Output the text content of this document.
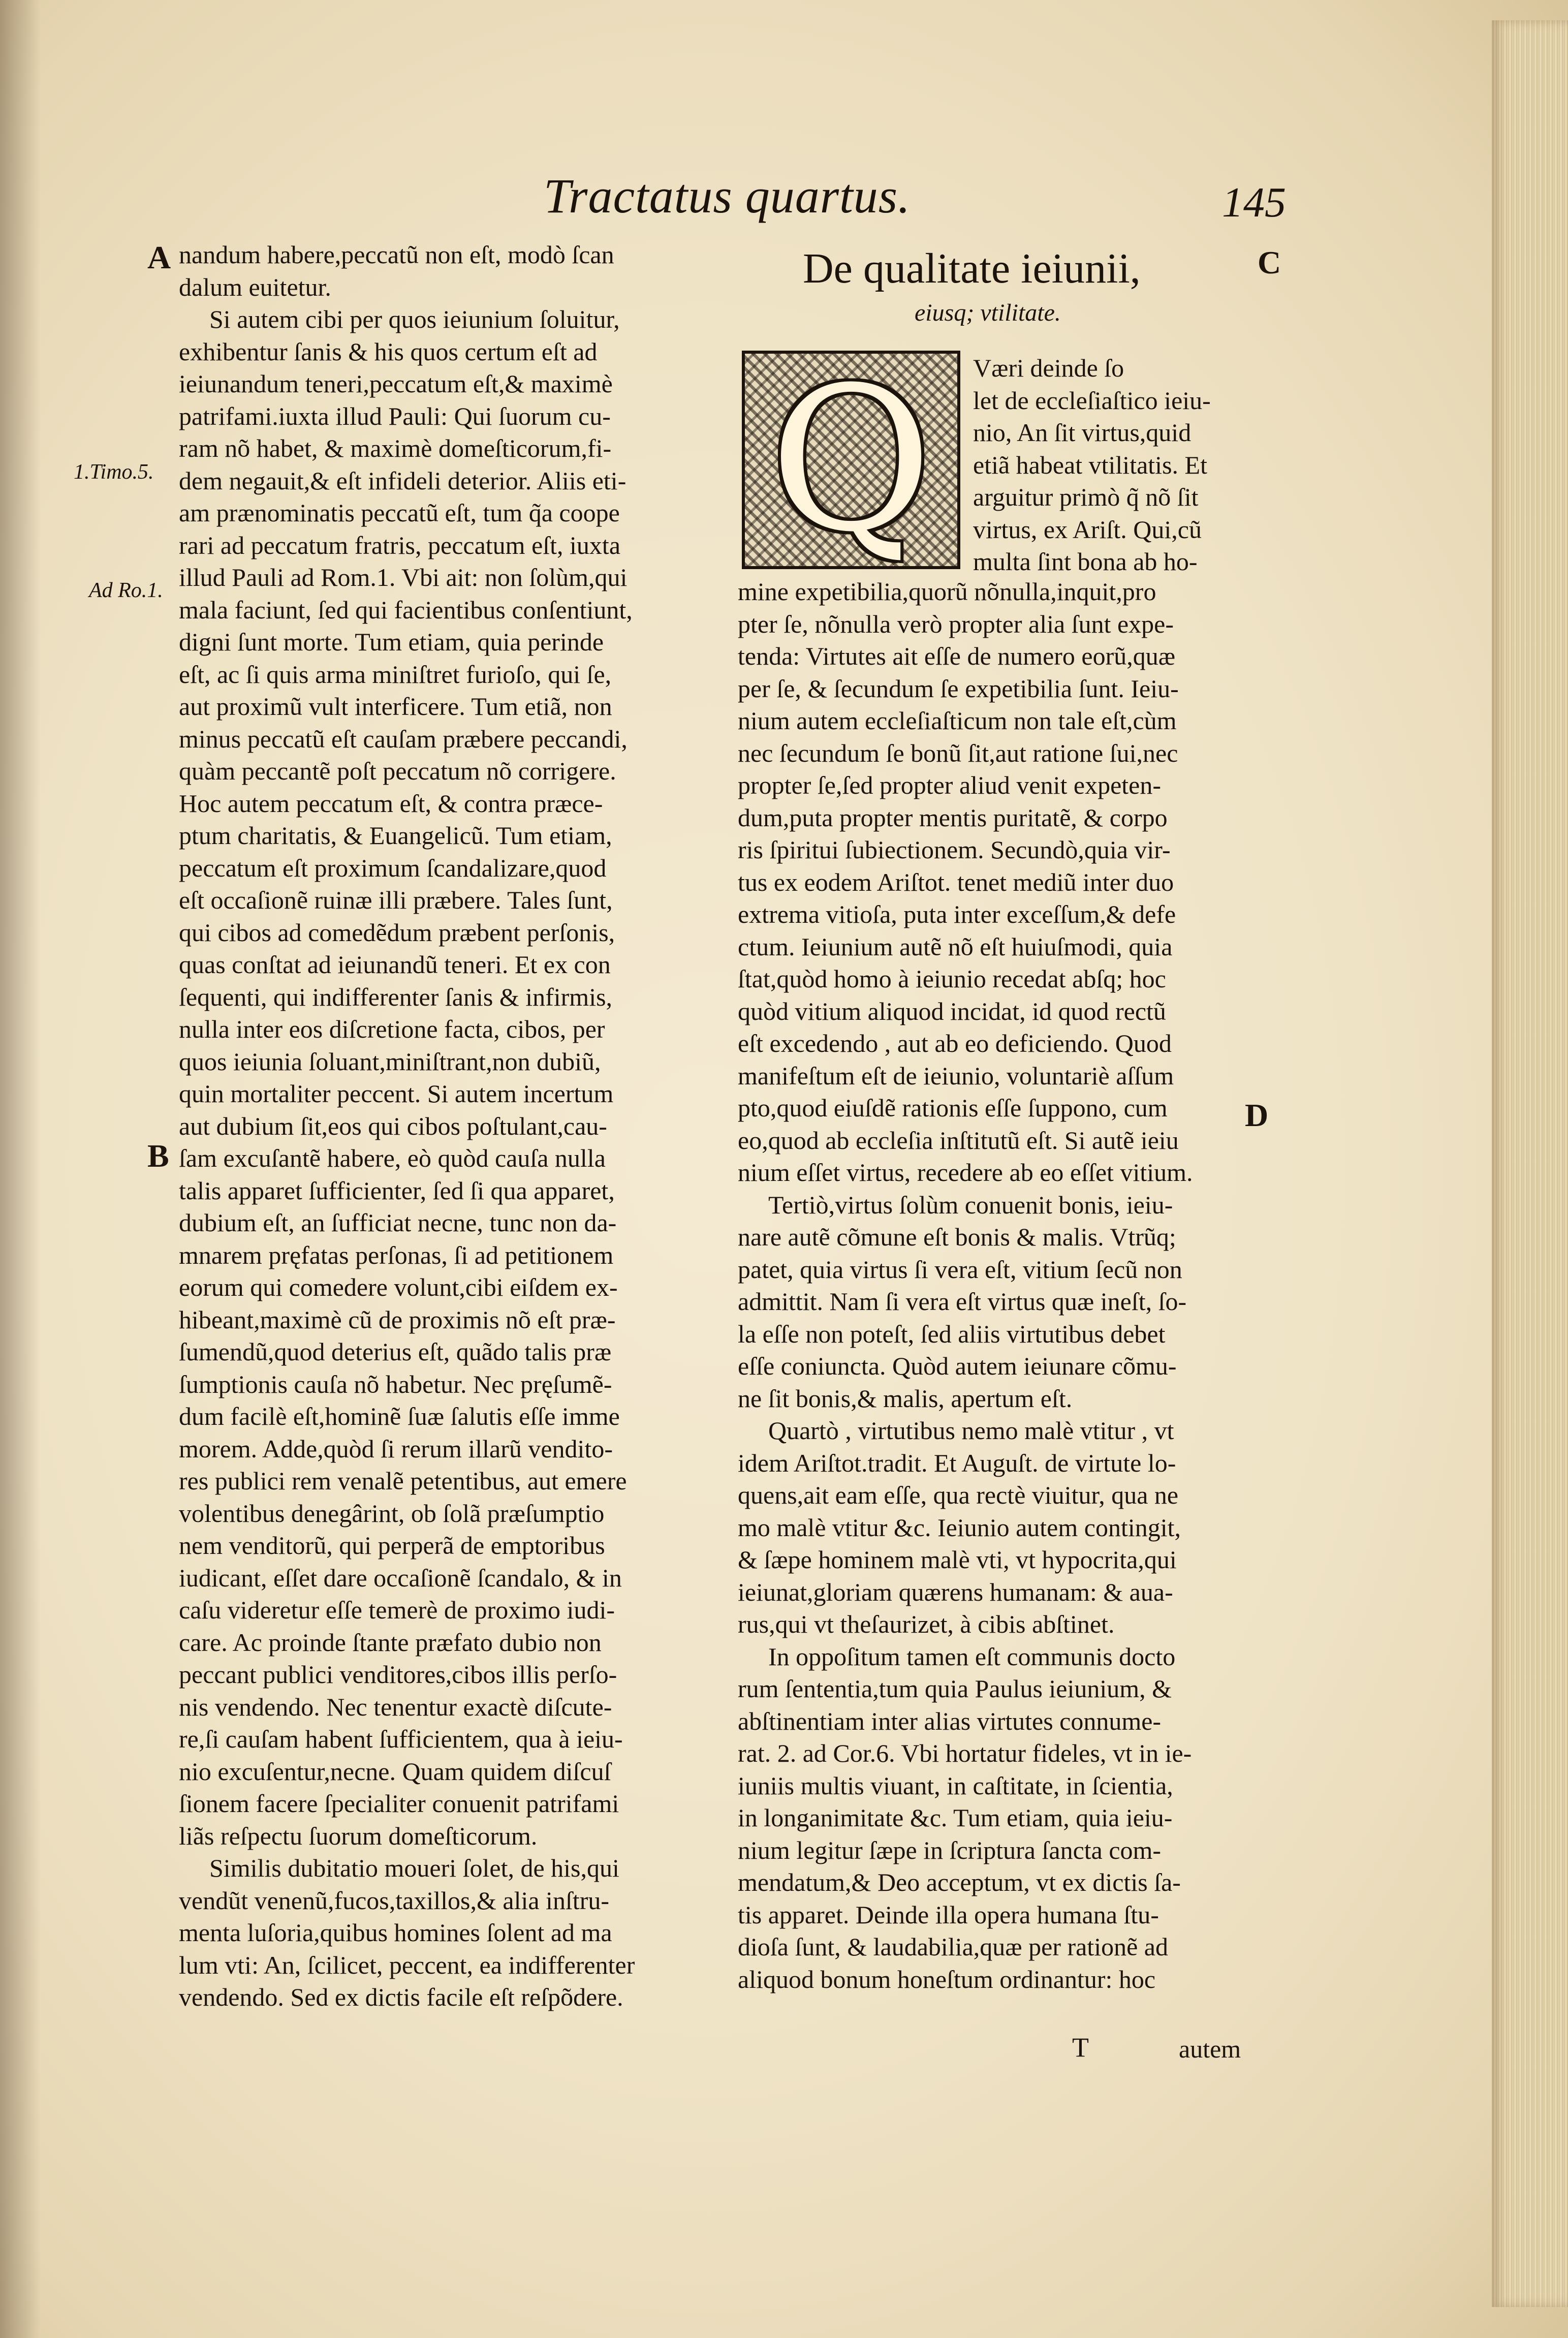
Tractatus quartus.	145
A
B
C
D
1.Timo.5.
Ad Ro.1.
nandum habere,peccatũ non eſt, modò ſcan
dalum euitetur.
Si autem cibi per quos ieiunium ſoluitur,
exhibentur ſanis & his quos certum eſt ad
ieiunandum teneri,peccatum eſt,& maximè
patrifami.iuxta illud Pauli: Qui ſuorum cu-
ram nõ habet, & maximè domeſticorum,fi-
dem negauit,& eſt infideli deterior. Aliis eti-
am prænominatis peccatũ eſt, tum q̃a coope
rari ad peccatum fratris, peccatum eſt, iuxta
illud Pauli ad Rom.1. Vbi ait: non ſolùm,qui
mala faciunt, ſed qui facientibus conſentiunt,
digni ſunt morte. Tum etiam, quia perinde
eſt, ac ſi quis arma miniſtret furioſo, qui ſe,
aut proximũ vult interficere. Tum etiã, non
minus peccatũ eſt cauſam præbere peccandi,
quàm peccantẽ poſt peccatum nõ corrigere.
Hoc autem peccatum eſt, & contra præce-
ptum charitatis, & Euangelicũ. Tum etiam,
peccatum eſt proximum ſcandalizare,quod
eſt occaſionẽ ruinæ illi præbere. Tales ſunt,
qui cibos ad comedẽdum præbent perſonis,
quas conſtat ad ieiunandũ teneri. Et ex con
ſequenti, qui indifferenter ſanis & infirmis,
nulla inter eos diſcretione facta, cibos, per
quos ieiunia ſoluant,miniſtrant,non dubiũ,
quin mortaliter peccent. Si autem incertum
aut dubium ſit,eos qui cibos poſtulant,cau-
ſam excuſantẽ habere, eò quòd cauſa nulla
talis apparet ſufficienter, ſed ſi qua apparet,
dubium eſt, an ſufficiat necne, tunc non da-
mnarem pręfatas perſonas, ſi ad petitionem
eorum qui comedere volunt,cibi eiſdem ex-
hibeant,maximè cũ de proximis nõ eſt præ-
ſumendũ,quod deterius eſt, quãdo talis præ
ſumptionis cauſa nõ habetur. Nec pręſumẽ-
dum facilè eſt,hominẽ ſuæ ſalutis eſſe imme
morem. Adde,quòd ſi rerum illarũ vendito-
res publici rem venalẽ petentibus, aut emere
volentibus denegârint, ob ſolã præſumptio
nem venditorũ, qui perperã de emptoribus
iudicant, eſſet dare occaſionẽ ſcandalo, & in
caſu videretur eſſe temerè de proximo iudi-
care. Ac proinde ſtante præfato dubio non
peccant publici venditores,cibos illis perſo-
nis vendendo. Nec tenentur exactè diſcute-
re,ſi cauſam habent ſufficientem, qua à ieiu-
nio excuſentur,necne. Quam quidem diſcuſ
ſionem facere ſpecialiter conuenit patrifami
liãs reſpectu ſuorum domeſticorum.
Similis dubitatio moueri ſolet, de his,qui
vendũt venenũ,fucos,taxillos,& alia inſtru-
menta luſoria,quibus homines ſolent ad ma
lum vti: An, ſcilicet, peccent, ea indifferenter
vendendo. Sed ex dictis facile eſt reſpõdere.
De qualitate ieiunii,
eiusq; vtilitate.
Q	Væri deinde ſo
let de eccleſiaſtico ieiu-
nio, An ſit virtus,quid
etiã habeat vtilitatis. Et
arguitur primò q̃ nõ ſit
virtus, ex Ariſt. Qui,cũ
multa ſint bona ab ho-
mine expetibilia,quorũ nõnulla,inquit,pro
pter ſe, nõnulla verò propter alia ſunt expe-
tenda: Virtutes ait eſſe de numero eorũ,quæ
per ſe, & ſecundum ſe expetibilia ſunt. Ieiu-
nium autem eccleſiaſticum non tale eſt,cùm
nec ſecundum ſe bonũ ſit,aut ratione ſui,nec
propter ſe,ſed propter aliud venit expeten-
dum,puta propter mentis puritatẽ, & corpo
ris ſpiritui ſubiectionem. Secundò,quia vir-
tus ex eodem Ariſtot. tenet mediũ inter duo
extrema vitioſa, puta inter exceſſum,& defe
ctum. Ieiunium autẽ nõ eſt huiuſmodi, quia
ſtat,quòd homo à ieiunio recedat abſq; hoc
quòd vitium aliquod incidat, id quod rectũ
eſt excedendo , aut ab eo deficiendo. Quod
manifeſtum eſt de ieiunio, voluntariè aſſum
pto,quod eiuſdẽ rationis eſſe ſuppono, cum
eo,quod ab eccleſia inſtitutũ eſt. Si autẽ ieiu
nium eſſet virtus, recedere ab eo eſſet vitium.
Tertiò,virtus ſolùm conuenit bonis, ieiu-
nare autẽ cõmune eſt bonis & malis. Vtrũq;
patet, quia virtus ſi vera eſt, vitium ſecũ non
admittit. Nam ſi vera eſt virtus quæ ineſt, ſo-
la eſſe non poteſt, ſed aliis virtutibus debet
eſſe coniuncta. Quòd autem ieiunare cõmu-
ne ſit bonis,& malis, apertum eſt.
Quartò , virtutibus nemo malè vtitur , vt
idem Ariſtot.tradit. Et Auguſt. de virtute lo-
quens,ait eam eſſe, qua rectè viuitur, qua ne
mo malè vtitur &c. Ieiunio autem contingit,
& ſæpe hominem malè vti, vt hypocrita,qui
ieiunat,gloriam quærens humanam: & aua-
rus,qui vt theſaurizet, à cibis abſtinet.
In oppoſitum tamen eſt communis docto
rum ſententia,tum quia Paulus ieiunium, &
abſtinentiam inter alias virtutes connume-
rat. 2. ad Cor.6. Vbi hortatur fideles, vt in ie-
iuniis multis viuant, in caſtitate, in ſcientia,
in longanimitate &c. Tum etiam, quia ieiu-
nium legitur ſæpe in ſcriptura ſancta com-
mendatum,& Deo acceptum, vt ex dictis ſa-
tis apparet. Deinde illa opera humana ſtu-
dioſa ſunt, & laudabilia,quæ per rationẽ ad
aliquod bonum honeſtum ordinantur: hoc
T	autem
